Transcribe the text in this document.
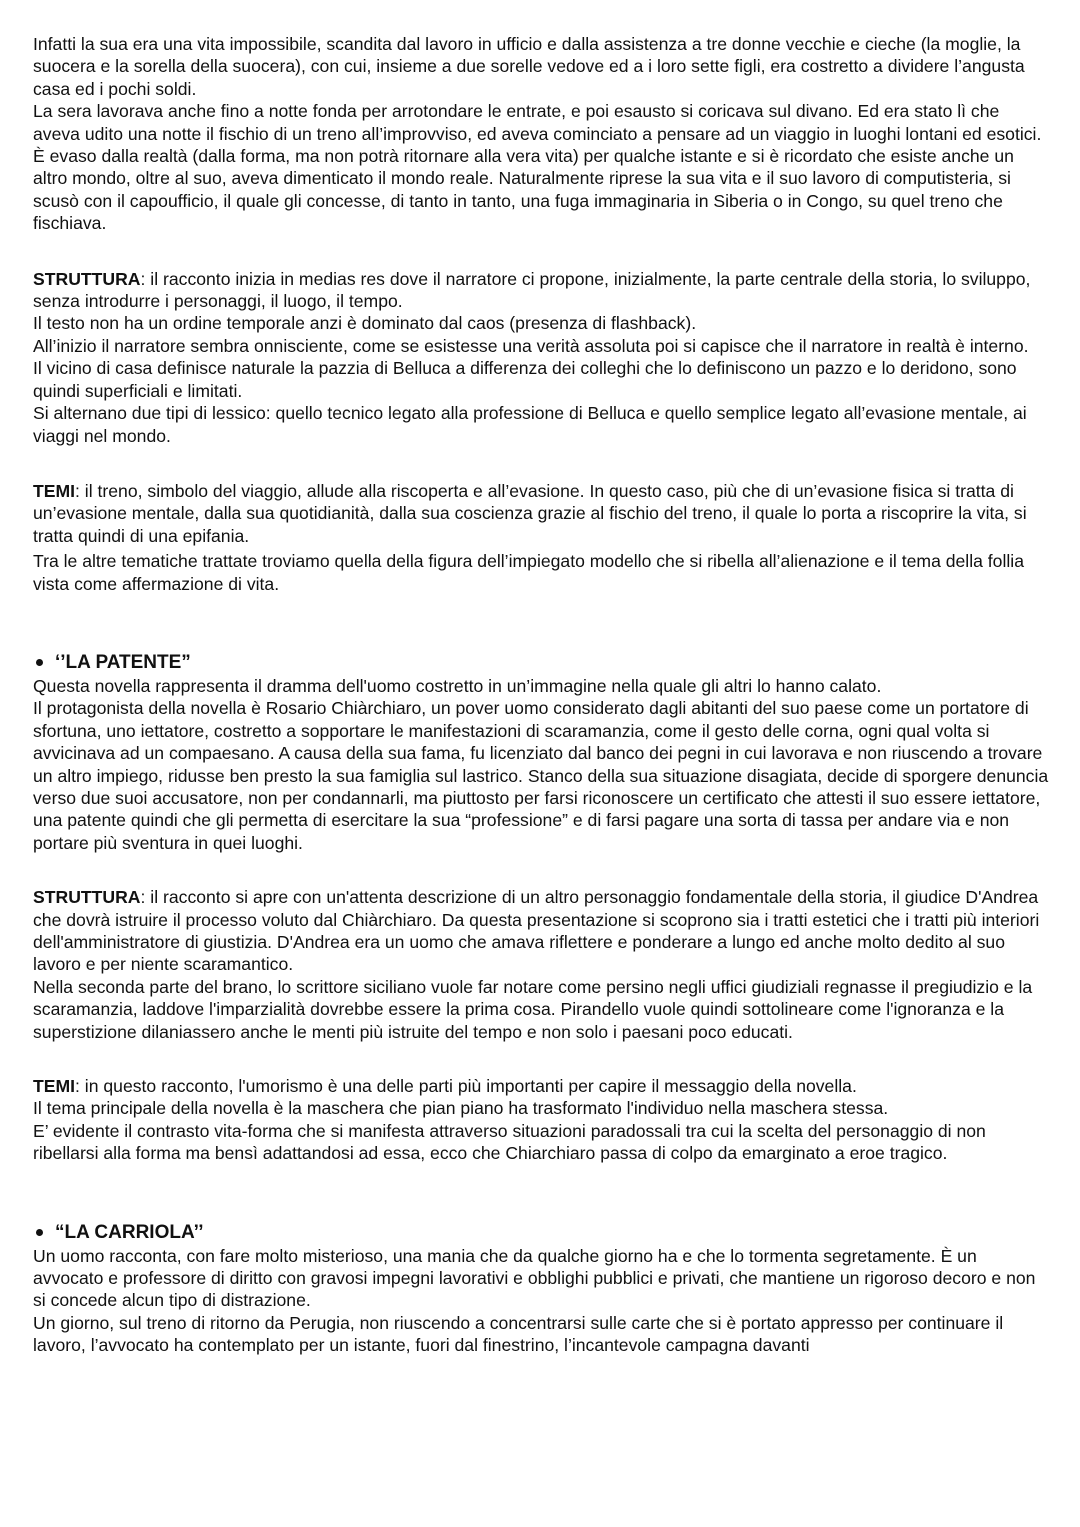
Infatti la sua era una vita impossibile, scandita dal lavoro in ufficio e dalla assistenza a tre donne vecchie e cieche (la moglie, la suocera e la sorella della suocera), con cui, insieme a due sorelle vedove ed a i loro sette figli, era costretto a dividere l’angusta casa ed i pochi soldi.

La sera lavorava anche fino a notte fonda per arrotondare le entrate, e poi esausto si coricava sul divano. Ed era stato lì che aveva udito una notte il fischio di un treno all’improvviso, ed aveva cominciato a pensare ad un viaggio in luoghi lontani ed esotici.

È evaso dalla realtà (dalla forma, ma non potrà ritornare alla vera vita) per qualche istante e si è ricordato che esiste anche un altro mondo, oltre al suo, aveva dimenticato il mondo reale. Naturalmente riprese la sua vita e il suo lavoro di computisteria, si scusò con il capoufficio, il quale gli concesse, di tanto in tanto, una fuga immaginaria in Siberia o in Congo, su quel treno che fischiava.

STRUTTURA: il racconto inizia in medias res dove il narratore ci propone, inizialmente, la parte centrale della storia, lo sviluppo, senza introdurre i personaggi, il luogo, il tempo.

Il testo non ha un ordine temporale anzi è dominato dal caos (presenza di flashback).

All’inizio il narratore sembra onnisciente, come se esistesse una verità assoluta poi si capisce che il narratore in realtà è interno.

Il vicino di casa definisce naturale la pazzia di Belluca a differenza dei colleghi che lo definiscono un pazzo e lo deridono, sono quindi superficiali e limitati.

Si alternano due tipi di lessico: quello tecnico legato alla professione di Belluca e quello semplice legato all’evasione mentale, ai viaggi nel mondo.

TEMI: il treno, simbolo del viaggio, allude alla riscoperta e all’evasione. In questo caso, più che di un’evasione fisica si tratta di un’evasione mentale, dalla sua quotidianità, dalla sua coscienza grazie al fischio del treno, il quale lo porta a riscoprire la vita, si tratta quindi di una epifania.

Tra le altre tematiche trattate troviamo quella della figura dell’impiegato modello che si ribella all’alienazione e il tema della follia vista come affermazione di vita.

‘’LA PATENTE”

Questa novella rappresenta il dramma dell'uomo costretto in un’immagine nella quale gli altri lo hanno calato.

Il protagonista della novella è Rosario Chiàrchiaro, un pover uomo considerato dagli abitanti del suo paese come un portatore di sfortuna, uno iettatore, costretto a sopportare le manifestazioni di scaramanzia, come il gesto delle corna, ogni qual volta si avvicinava ad un compaesano. A causa della sua fama, fu licenziato dal banco dei pegni in cui lavorava e non riuscendo a trovare un altro impiego, ridusse ben presto la sua famiglia sul lastrico. Stanco della sua situazione disagiata, decide di sporgere denuncia verso due suoi accusatore, non per condannarli, ma piuttosto per farsi riconoscere un certificato che attesti il suo essere iettatore, una patente quindi che gli permetta di esercitare la sua “professione” e di farsi pagare una sorta di tassa per andare via e non portare più sventura in quei luoghi.

STRUTTURA: il racconto si apre con un'attenta descrizione di un altro personaggio fondamentale della storia, il giudice D'Andrea che dovrà istruire il processo voluto dal Chiàrchiaro. Da questa presentazione si scoprono sia i tratti estetici che i tratti più interiori dell'amministratore di giustizia. D'Andrea era un uomo che amava riflettere e ponderare a lungo ed anche molto dedito al suo lavoro e per niente scaramantico.

Nella seconda parte del brano, lo scrittore siciliano vuole far notare come persino negli uffici giudiziali regnasse il pregiudizio e la scaramanzia, laddove l'imparzialità dovrebbe essere la prima cosa. Pirandello vuole quindi sottolineare come l'ignoranza e la superstizione dilaniassero anche le menti più istruite del tempo e non solo i paesani poco educati.

TEMI: in questo racconto, l'umorismo è una delle parti più importanti per capire il messaggio della novella.

Il tema principale della novella è la maschera che pian piano ha trasformato l'individuo nella maschera stessa.

E’ evidente il contrasto vita-forma che si manifesta attraverso situazioni paradossali tra cui la scelta del personaggio di non ribellarsi alla forma ma bensì adattandosi ad essa, ecco che Chiarchiaro passa di colpo da emarginato a eroe tragico.

“LA CARRIOLA’’

Un uomo racconta, con fare molto misterioso, una mania che da qualche giorno ha e che lo tormenta segretamente. È un avvocato e professore di diritto con gravosi impegni lavorativi e obblighi pubblici e privati, che mantiene un rigoroso decoro e non si concede alcun tipo di distrazione.

Un giorno, sul treno di ritorno da Perugia, non riuscendo a concentrarsi sulle carte che si è portato appresso per continuare il lavoro, l’avvocato ha contemplato per un istante, fuori dal finestrino, l’incantevole campagna davanti
